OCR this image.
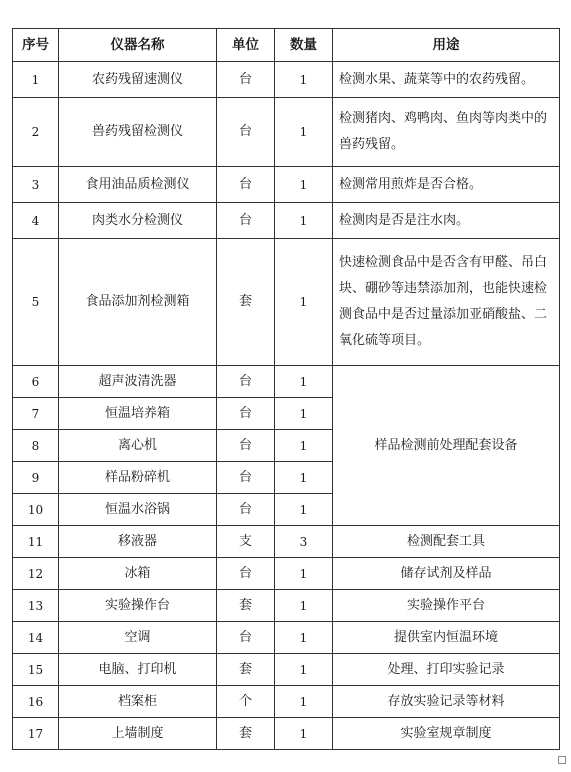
序号	仪器名称	单位	数量	用途
1	农药残留速测仪	台	1	检测水果、蔬菜等中的农药残留。
2	兽药残留检测仪	台	1	检测猪肉、鸡鸭肉、鱼肉等肉类中的兽药残留。
3	食用油品质检测仪	台	1	检测常用煎炸是否合格。
4	肉类水分检测仪	台	1	检测肉是否是注水肉。
5	食品添加剂检测箱	套	1	快速检测食品中是否含有甲醛、吊白块、硼砂等违禁添加剂，也能快速检测食品中是否过量添加亚硝酸盐、二氧化硫等项目。
6	超声波清洗器	台	1	样品检测前处理配套设备
7	恒温培养箱	台	1	
8	离心机	台	1	
9	样品粉碎机	台	1	
10	恒温水浴锅	台	1	
11	移液器	支	3	检测配套工具
12	冰箱	台	1	储存试剂及样品
13	实验操作台	套	1	实验操作平台
14	空调	台	1	提供室内恒温环境
15	电脑、打印机	套	1	处理、打印实验记录
16	档案柜	个	1	存放实验记录等材料
17	上墙制度	套	1	实验室规章制度
